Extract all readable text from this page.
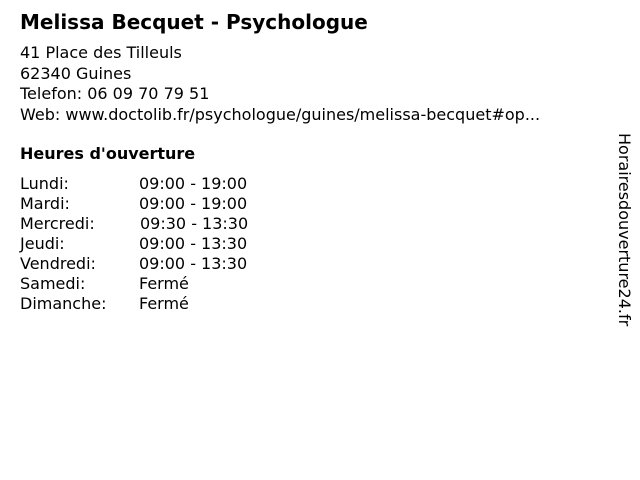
Melissa Becquet - Psychologue
41 Place des Tilleuls
62340 Guines
Telefon: 06 09 70 79 51
Web: www.doctolib.fr/psychologue/guines/melissa-becquet#op...
Heures d'ouverture
Lundi:	09:00 - 19:00
Mardi:	09:00 - 19:00
Mercredi:	09:30 - 13:30
Jeudi:	09:00 - 13:30
Vendredi:	09:00 - 13:30
Samedi:	Fermé
Dimanche: Fermé	Horairesdouverture24.fr
